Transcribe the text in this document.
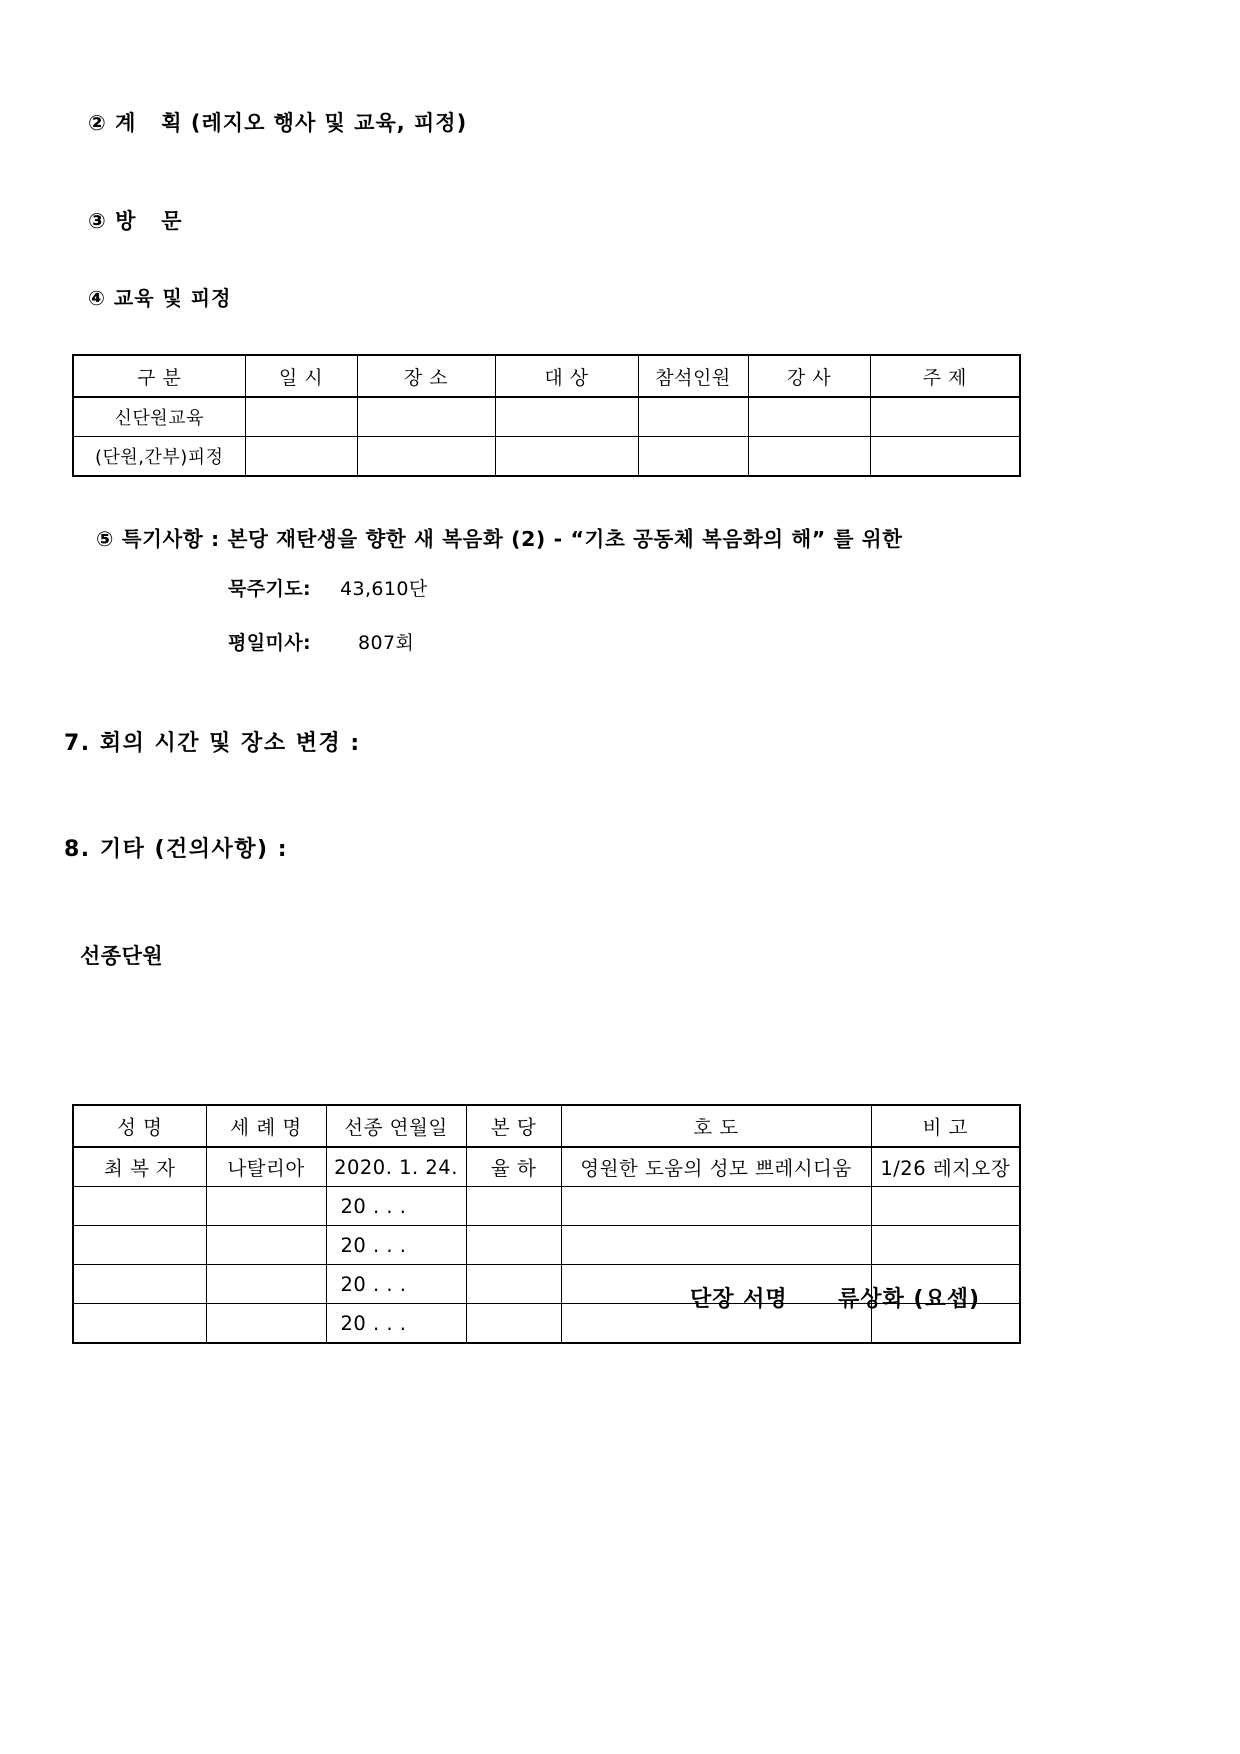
② 계   획 (레지오 행사 및 교육, 피정)
③ 방   문
④ 교육 및 피정
구 분	일 시	장 소	대 상	참석인원	강 사	주 제
신단원교육						
(단원,간부)피정						
⑤ 특기사항 : 본당 재탄생을 향한 새 복음화 (2) - “기초 공동체 복음화의 해” 를 위한
묵주기도: 43,610단
평일미사: 807회
7. 회의 시간 및 장소 변경 :
8. 기타 (건의사항) :
선종단원
성 명	세 례 명	선종 연월일	본 당	호 도	비 고
최 복 자	나탈리아	2020. 1. 24.	율 하	영원한 도움의 성모 쁘레시디움	1/26 레지오장
		20 . . .			
		20 . . .			
		20 . . .			
		20 . . .			
단장 서명 류상화 (요셉)
